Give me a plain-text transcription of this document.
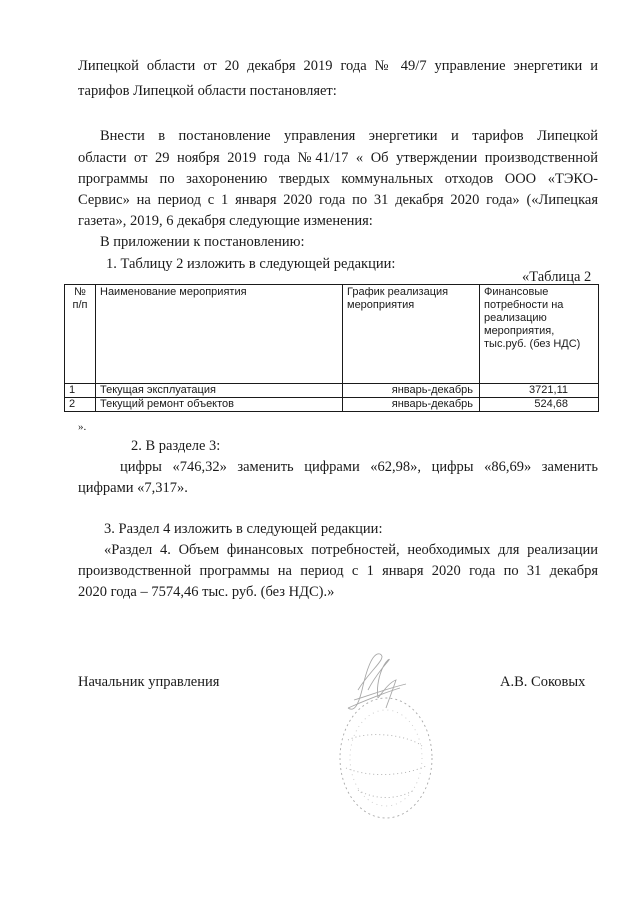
Липецкой области от 20 декабря 2019 года № 49/7 управление энергетики и
тарифов Липецкой области постановляет:
Внести в постановление управления энергетики и тарифов Липецкой
области от 29 ноября 2019 года №41/17 « Об утверждении производственной
программы по захоронению твердых коммунальных отходов ООО «ТЭКО-
Сервис» на период с 1 января 2020 года по 31 декабря 2020 года» («Липецкая
газета», 2019, 6 декабря следующие изменения:
В приложении к постановлению:
1. Таблицу 2 изложить в следующей редакции:
«Таблица 2
№ п/п	Наименование мероприятия	График реализация мероприятия	Финансовые потребности на реализацию мероприятия, тыс.руб. (без НДС)
1	Текущая эксплуатация	январь-декабрь	3721,11
2	Текущий ремонт объектов	январь-декабрь	524,68
».
2. В разделе 3:
цифры «746,32» заменить цифрами «62,98», цифры «86,69» заменить
цифрами «7,317».
3. Раздел 4 изложить в следующей редакции:
«Раздел 4. Объем финансовых потребностей, необходимых для реализации
производственной программы на период с 1 января 2020 года по 31 декабря
2020 года – 7574,46 тыс. руб. (без НДС).»
Начальник управления	А.В. Соковых
